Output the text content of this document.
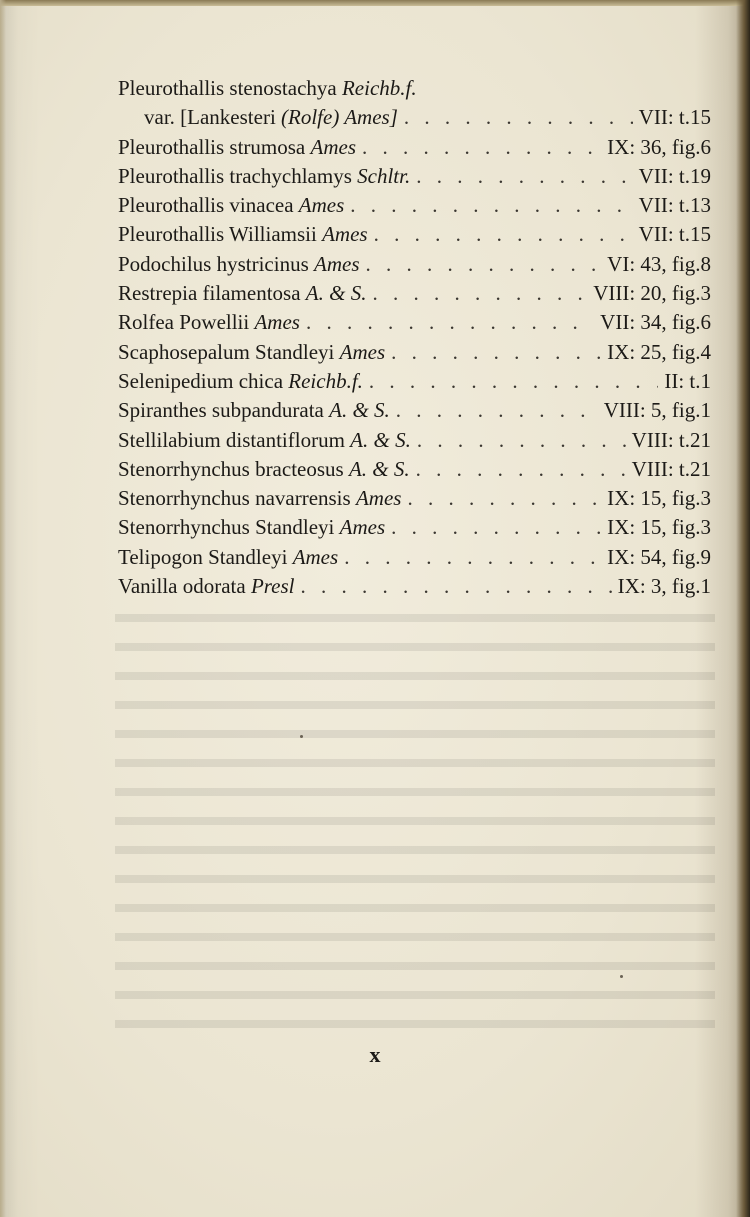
Pleurothallis stenostachya Reichb.f.
var. [Lankesteri (Rolfe) Ames] . . .	VII: t.15
Pleurothallis strumosa Ames . . .	IX: 36, fig.6
Pleurothallis trachychlamys Schltr. . . .	VII: t.19
Pleurothallis vinacea Ames . . .	VII: t.13
Pleurothallis Williamsii Ames . . .	VII: t.15
Podochilus hystricinus Ames . . .	VI: 43, fig.8
Restrepia filamentosa A. & S. . . .	VIII: 20, fig.3
Rolfea Powellii Ames . . .	VII: 34, fig.6
Scaphosepalum Standleyi Ames . . .	IX: 25, fig.4
Selenipedium chica Reichb.f. . . .	II: t.1
Spiranthes subpandurata A. & S. . . .	VIII: 5, fig.1
Stellilabium distantiflorum A. & S. . . .	VIII: t.21
Stenorrhynchus bracteosus A. & S. . . .	VIII: t.21
Stenorrhynchus navarrensis Ames . . .	IX: 15, fig.3
Stenorrhynchus Standleyi Ames . . .	IX: 15, fig.3
Telipogon Standleyi Ames . . .	IX: 54, fig.9
Vanilla odorata Presl . . .	IX: 3, fig.1
x
